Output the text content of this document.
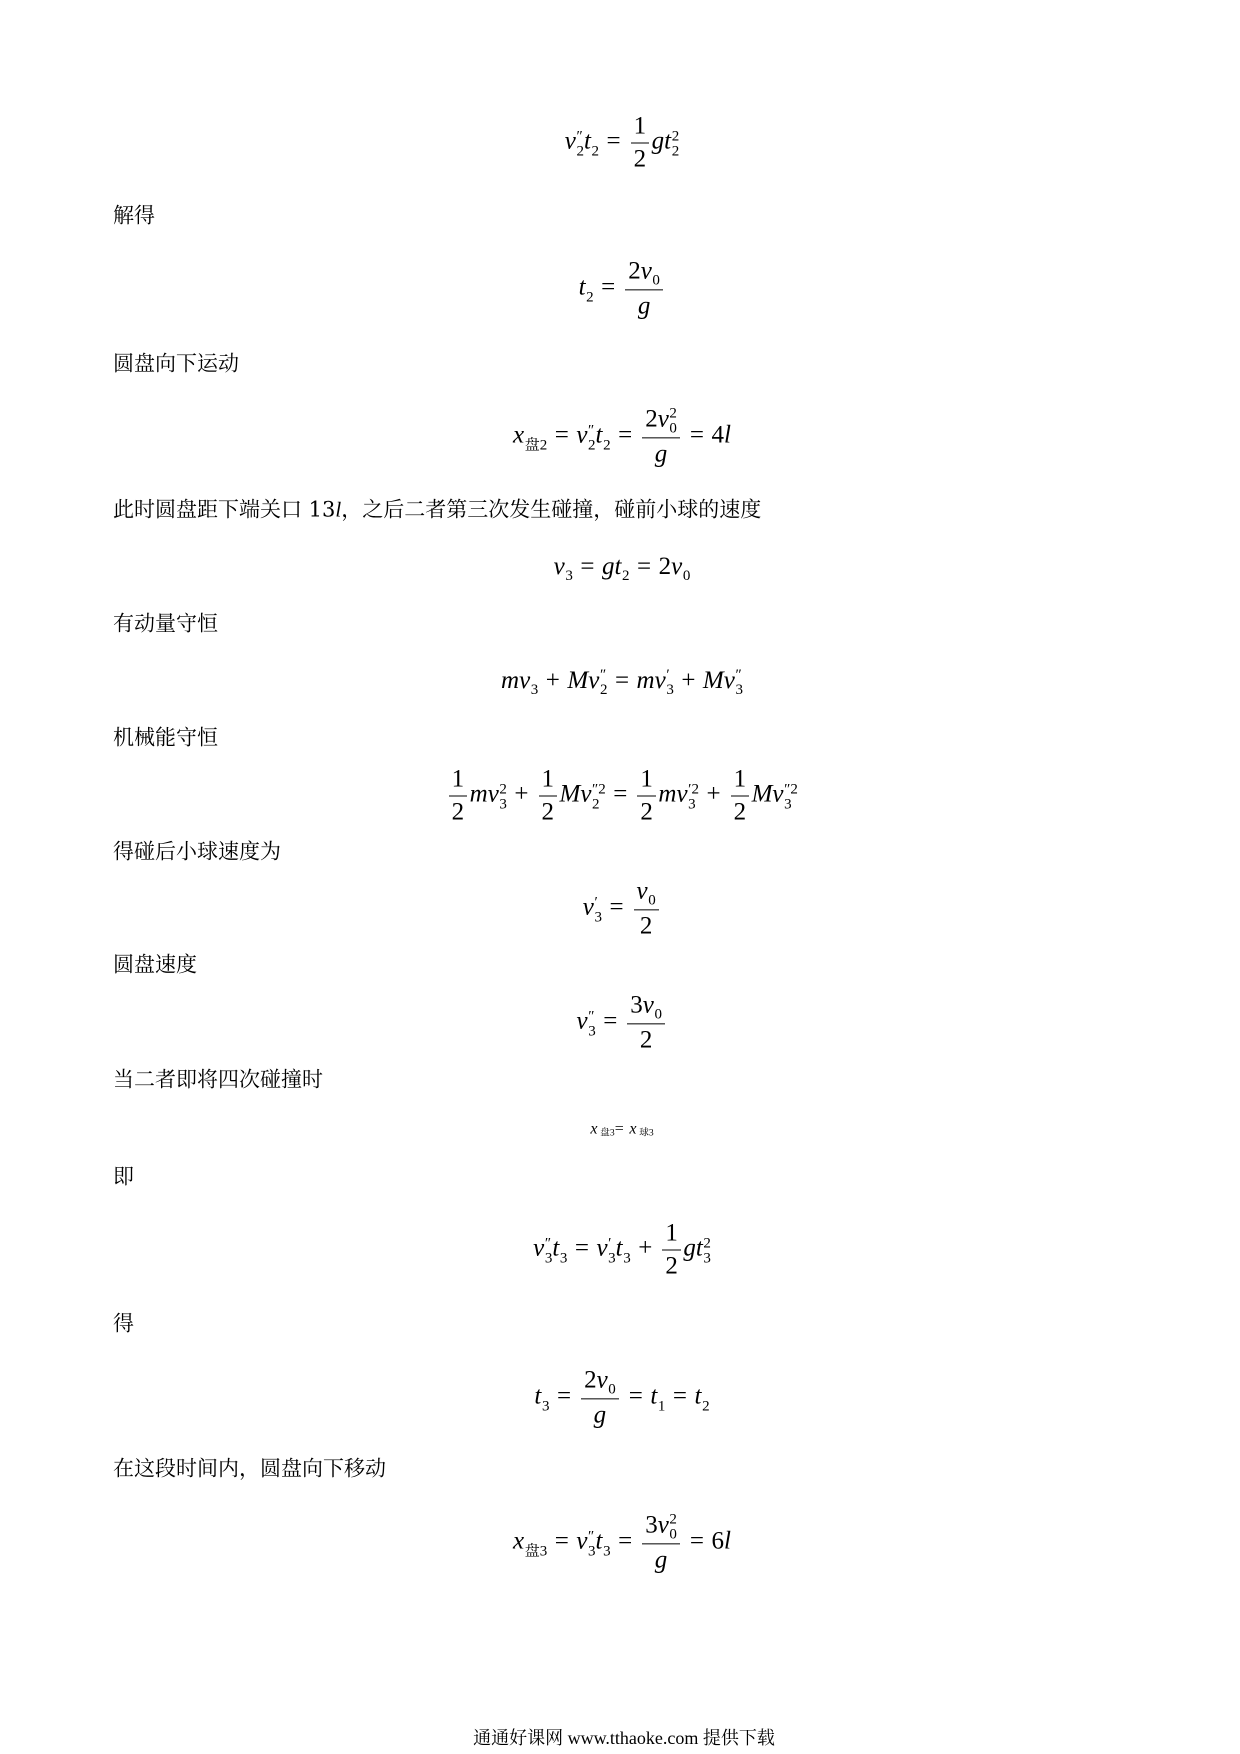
v ″
2 t $2 = \frac{1}{2}$ gt 2
2
解得
t $2 = \frac{2v 0}{g}$
圆盘向下运动
x 盘2 = v ″
2 t 2 = 2v 2
0
g = 4l
此时圆盘距下端关口 13l，之后二者第三次发生碰撞，碰前小球的速度
v 3 = gt 2 = 2v 0
有动量守恒
mv 3 + Mv ″
2 = mv ′
3 + Mv ″
3
机械能守恒
$\frac{1}{2}$ mv 2
$3 + \frac{1}{2}$ Mv ″2
$2 = \frac{1}{2}$ mv ′2
$3 + \frac{1}{2}$ Mv ″2
3
得碰后小球速度为
v ′
$3 = \frac{v 0}{2}$
圆盘速度
v ″
$3 = \frac{3v 0}{2}$
当二者即将四次碰撞时
x 盘3 = x 球3
即
v ″
3 t 3 = v ′
3 t $3 + \frac{1}{2}$ gt 2
3
得
t $3 = \frac{2v 0}{g} = t$ 1 = t 2
在这段时间内，圆盘向下移动
x 盘3 = v ″
3 t 3 = 3v 2
0
g = 6l
通通好课网 www.tthaoke.com 提供下载
